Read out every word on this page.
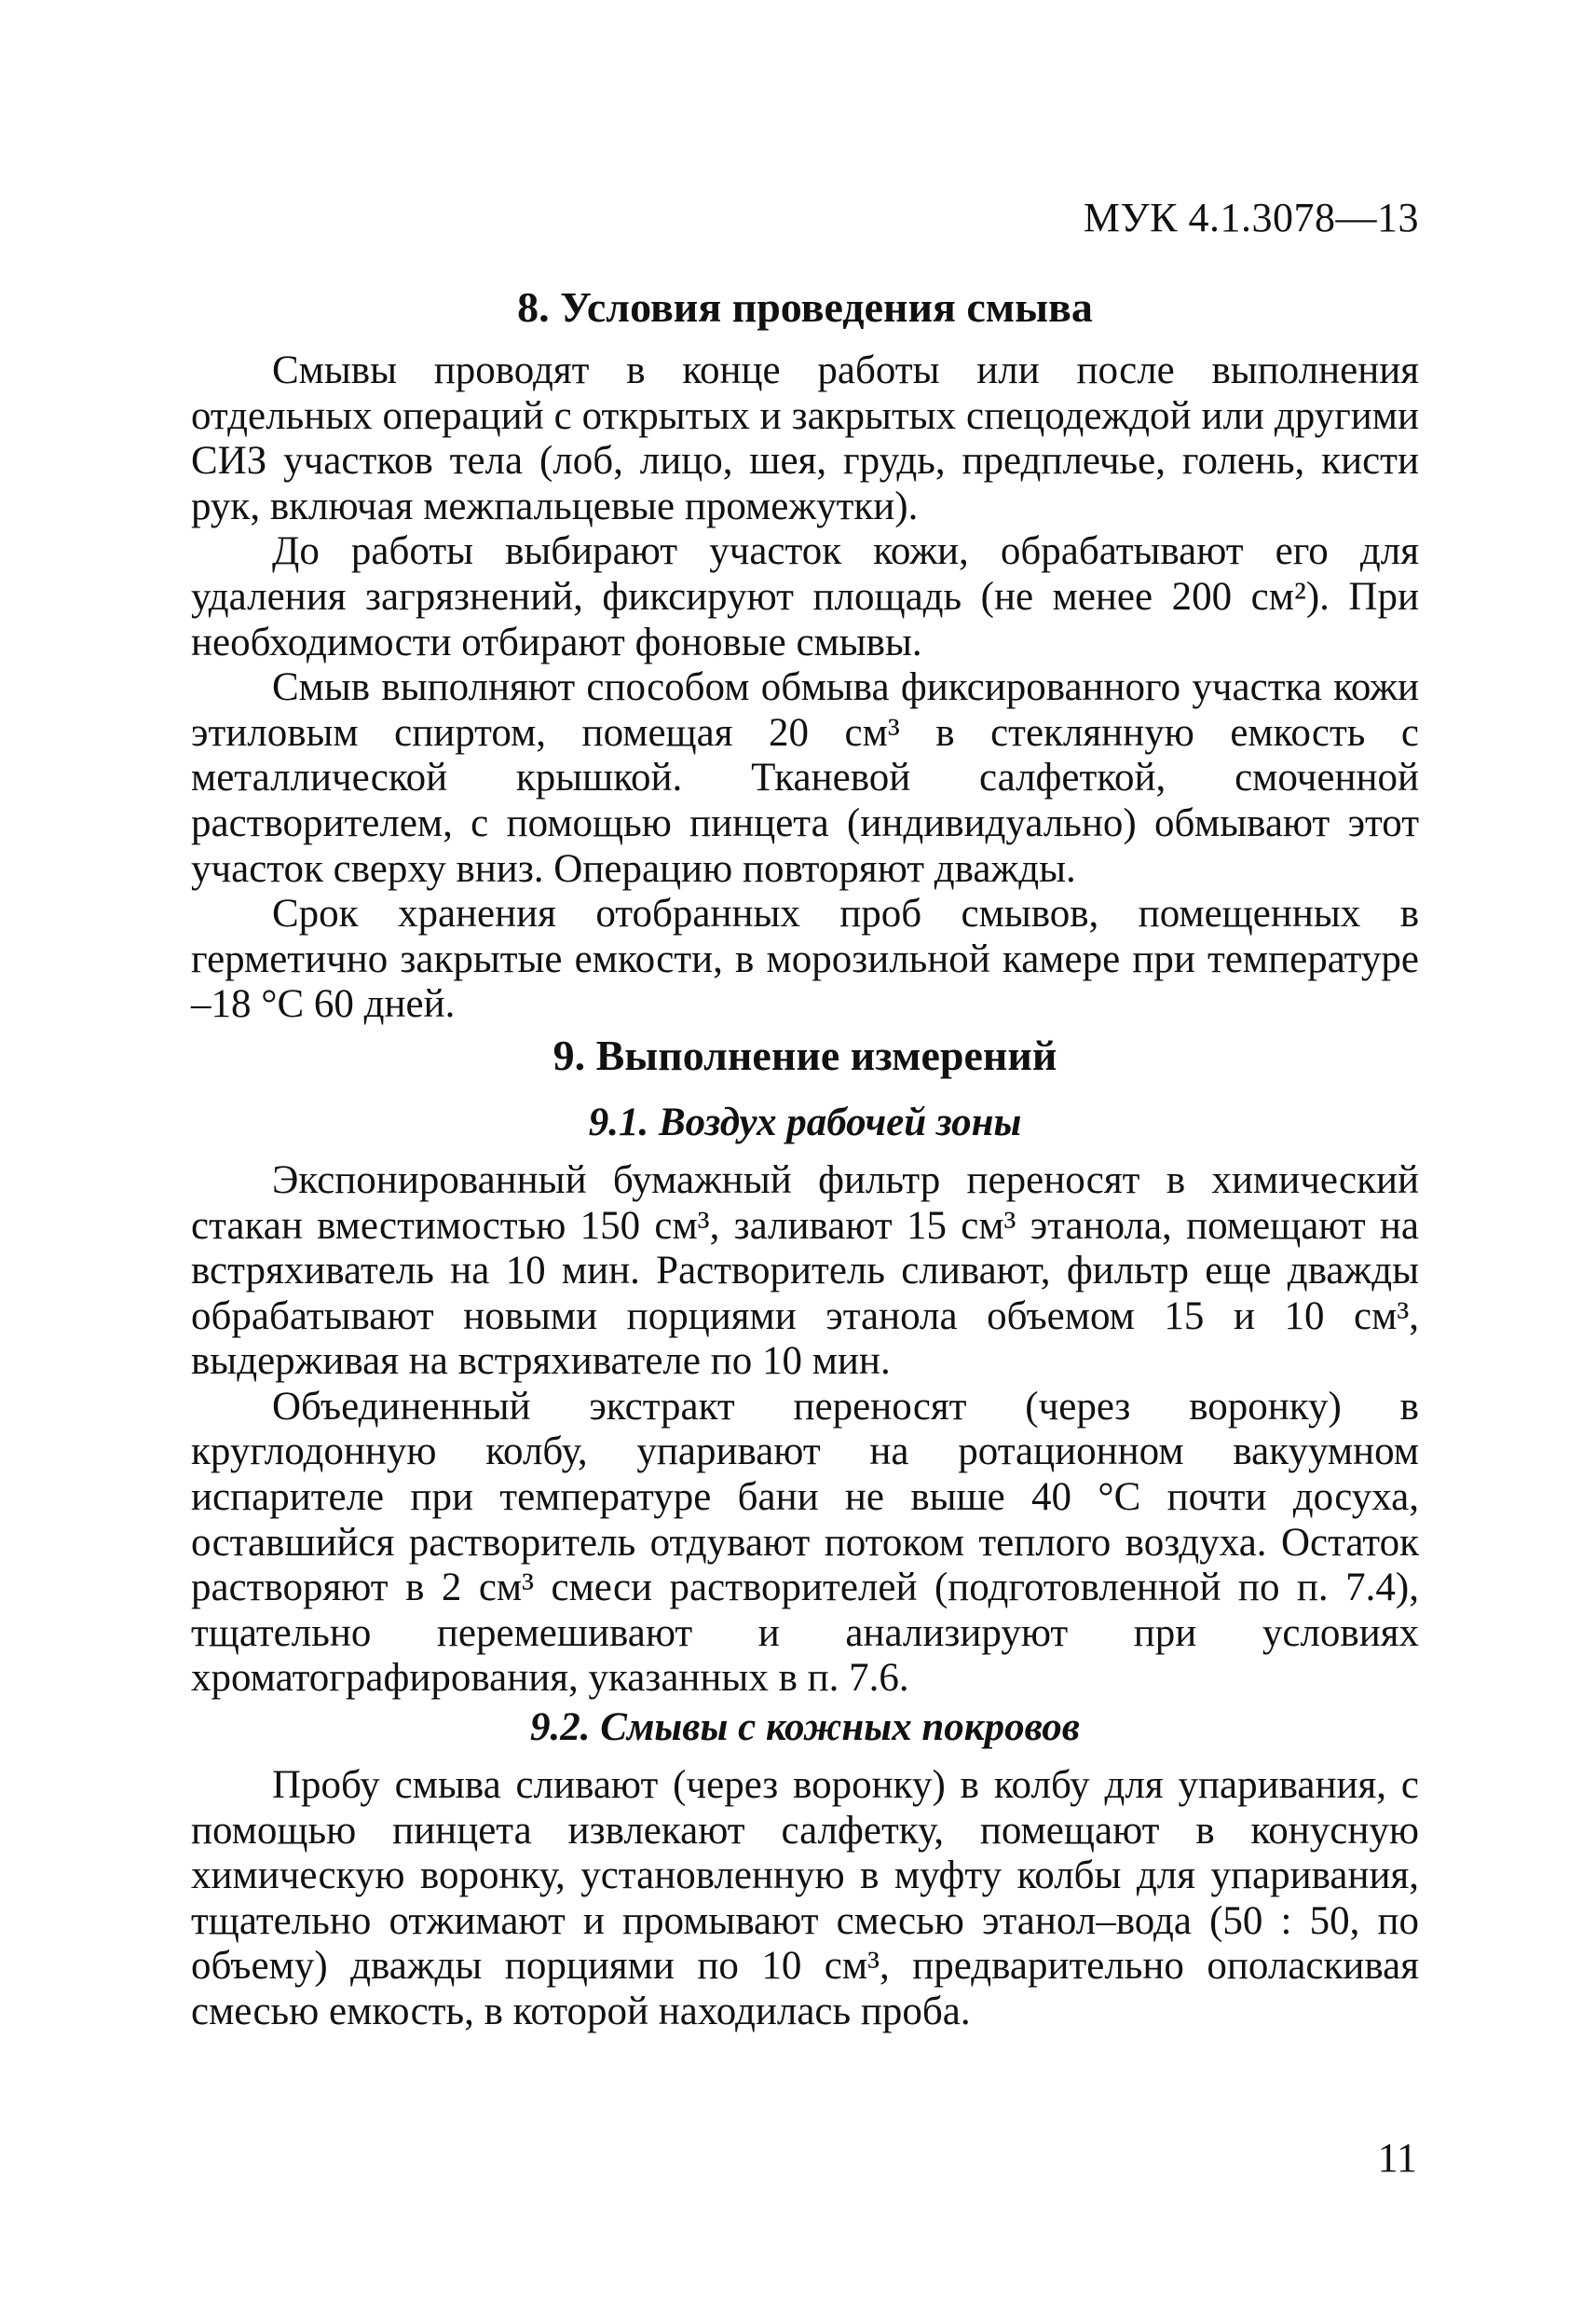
МУК 4.1.3078—13

8. Условия проведения смыва

Смывы проводят в конце работы или после выполнения отдельных операций с открытых и закрытых спецодеждой или другими СИЗ участков тела (лоб, лицо, шея, грудь, предплечье, голень, кисти рук, включая межпальцевые промежутки).

До работы выбирают участок кожи, обрабатывают его для удаления загрязнений, фиксируют площадь (не менее 200 см²). При необходимости отбирают фоновые смывы.

Смыв выполняют способом обмыва фиксированного участка кожи этиловым спиртом, помещая 20 см³ в стеклянную емкость с металлической крышкой. Тканевой салфеткой, смоченной растворителем, с помощью пинцета (индивидуально) обмывают этот участок сверху вниз. Операцию повторяют дважды.

Срок хранения отобранных проб смывов, помещенных в герметично закрытые емкости, в морозильной камере при температуре –18 °С 60 дней.

9. Выполнение измерений
9.1. Воздух рабочей зоны

Экспонированный бумажный фильтр переносят в химический стакан вместимостью 150 см³, заливают 15 см³ этанола, помещают на встряхиватель на 10 мин. Растворитель сливают, фильтр еще дважды обрабатывают новыми порциями этанола объемом 15 и 10 см³, выдерживая на встряхивателе по 10 мин.

Объединенный экстракт переносят (через воронку) в круглодонную колбу, упаривают на ротационном вакуумном испарителе при температуре бани не выше 40 °С почти досуха, оставшийся растворитель отдувают потоком теплого воздуха. Остаток растворяют в 2 см³ смеси растворителей (подготовленной по п. 7.4), тщательно перемешивают и анализируют при условиях хроматографирования, указанных в п. 7.6.

9.2. Смывы с кожных покровов

Пробу смыва сливают (через воронку) в колбу для упаривания, с помощью пинцета извлекают салфетку, помещают в конусную химическую воронку, установленную в муфту колбы для упаривания, тщательно отжимают и промывают смесью этанол–вода (50 : 50, по объему) дважды порциями по 10 см³, предварительно ополаскивая смесью емкость, в которой находилась проба.

11
